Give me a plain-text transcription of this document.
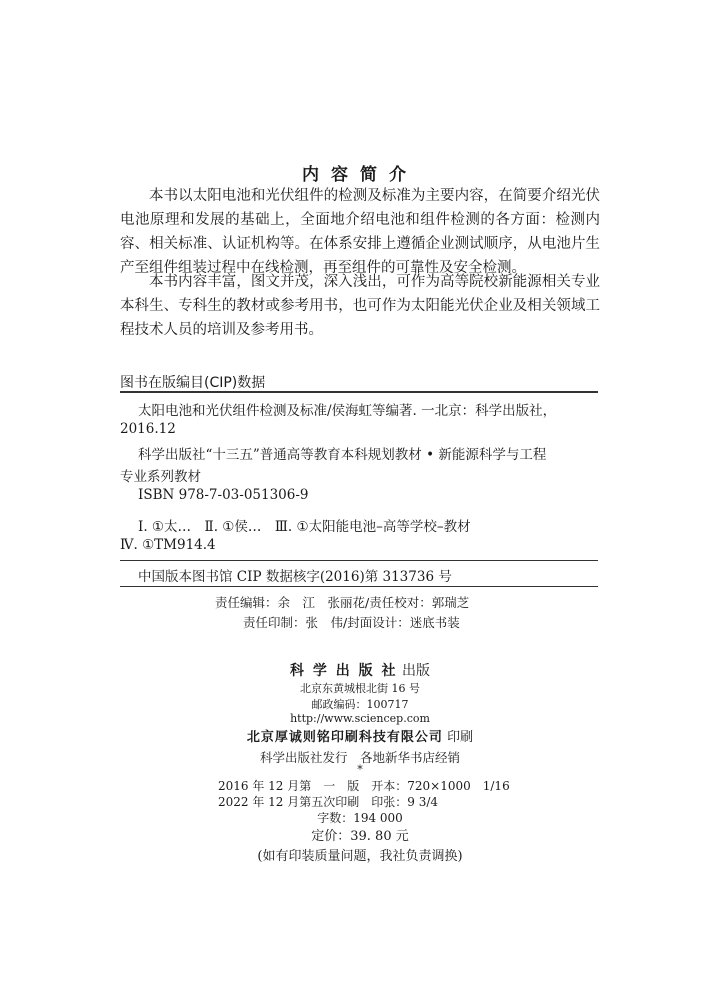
内容简介
本书以太阳电池和光伏组件的检测及标准为主要内容，在简要介绍光伏电池原理和发展的基础上，全面地介绍电池和组件检测的各方面：检测内容、相关标准、认证机构等。在体系安排上遵循企业测试顺序，从电池片生产至组件组装过程中在线检测，再至组件的可靠性及安全检测。
本书内容丰富，图文并茂，深入浅出，可作为高等院校新能源相关专业本科生、专科生的教材或参考用书，也可作为太阳能光伏企业及相关领域工程技术人员的培训及参考用书。
图书在版编目(CIP)数据
太阳电池和光伏组件检测及标准/侯海虹等编著. 一北京：科学出版社，
2016.12
科学出版社“十三五”普通高等教育本科规划教材 • 新能源科学与工程
专业系列教材
ISBN 978-7-03-051306-9
Ⅰ. ①太…　Ⅱ. ①侯…　Ⅲ. ①太阳能电池–高等学校–教材
Ⅳ. ①TM914.4
中国版本图书馆 CIP 数据核字(2016)第 313736 号
责任编辑：余　江　张丽花/责任校对：郭瑞芝
责任印制：张　伟/封面设计：迷底书装
科 学 出 版 社 出版
北京东黄城根北街 16 号
邮政编码：100717
http://www.sciencep.com
北京厚诚则铭印刷科技有限公司 印刷
科学出版社发行　各地新华书店经销
*
2016 年 12 月第　一　版　开本：720×1000　1/16
2022 年 12 月第五次印刷　印张：9 3/4
字数：194 000
定价：39. 80 元
(如有印装质量问题，我社负责调换)
